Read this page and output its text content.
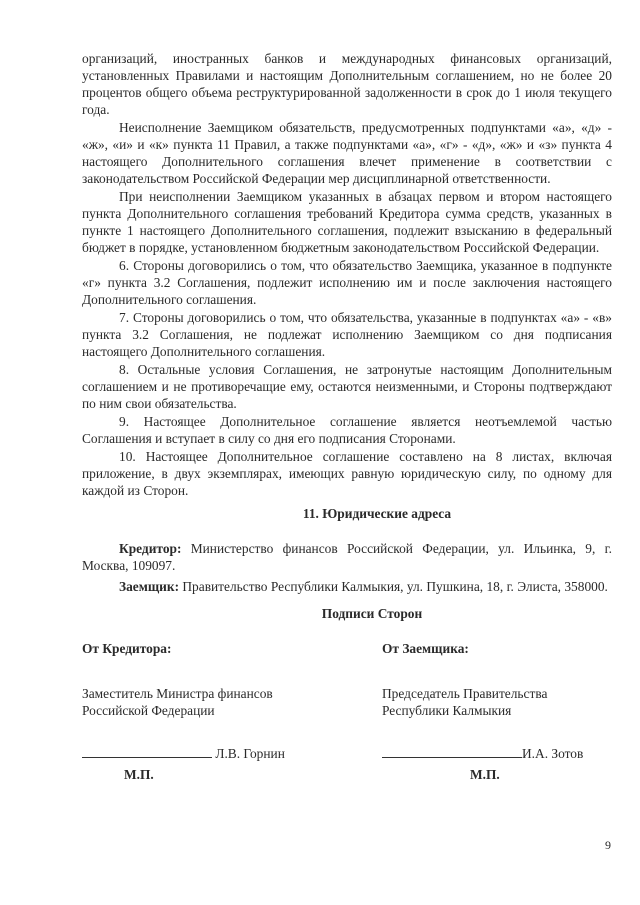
организаций, иностранных банков и международных финансовых организаций, установленных Правилами и настоящим Дополнительным соглашением, но не более 20 процентов общего объема реструктурированной задолженности в срок до 1 июля текущего года.

Неисполнение Заемщиком обязательств, предусмотренных подпунктами «а», «д» - «ж», «и» и «к» пункта 11 Правил, а также подпунктами «а», «г» - «д», «ж» и «з» пункта 4 настоящего Дополнительного соглашения влечет применение в соответствии с законодательством Российской Федерации мер дисциплинарной ответственности.

При неисполнении Заемщиком указанных в абзацах первом и втором настоящего пункта Дополнительного соглашения требований Кредитора сумма средств, указанных в пункте 1 настоящего Дополнительного соглашения, подлежит взысканию в федеральный бюджет в порядке, установленном бюджетным законодательством Российской Федерации.

6. Стороны договорились о том, что обязательство Заемщика, указанное в подпункте «г» пункта 3.2 Соглашения, подлежит исполнению им и после заключения настоящего Дополнительного соглашения.

7. Стороны договорились о том, что обязательства, указанные в подпунктах «а» - «в» пункта 3.2 Соглашения, не подлежат исполнению Заемщиком со дня подписания настоящего Дополнительного соглашения.

8. Остальные условия Соглашения, не затронутые настоящим Дополнительным соглашением и не противоречащие ему, остаются неизменными, и Стороны подтверждают по ним свои обязательства.

9. Настоящее Дополнительное соглашение является неотъемлемой частью Соглашения и вступает в силу со дня его подписания Сторонами.

10. Настоящее Дополнительное соглашение составлено на 8 листах, включая приложение, в двух экземплярах, имеющих равную юридическую силу, по одному для каждой из Сторон.

11. Юридические адреса

Кредитор: Министерство финансов Российской Федерации, ул. Ильинка, 9, г. Москва, 109097.

Заемщик: Правительство Республики Калмыкия, ул. Пушкина, 18, г. Элиста, 358000.

Подписи Сторон
От Кредитора:
Заместитель Министра финансов
Российской Федерации
Л.В. Горнин
М.П.
От Заемщика:
Председатель Правительства
Республики Калмыкия
И.А. Зотов
М.П.
9
